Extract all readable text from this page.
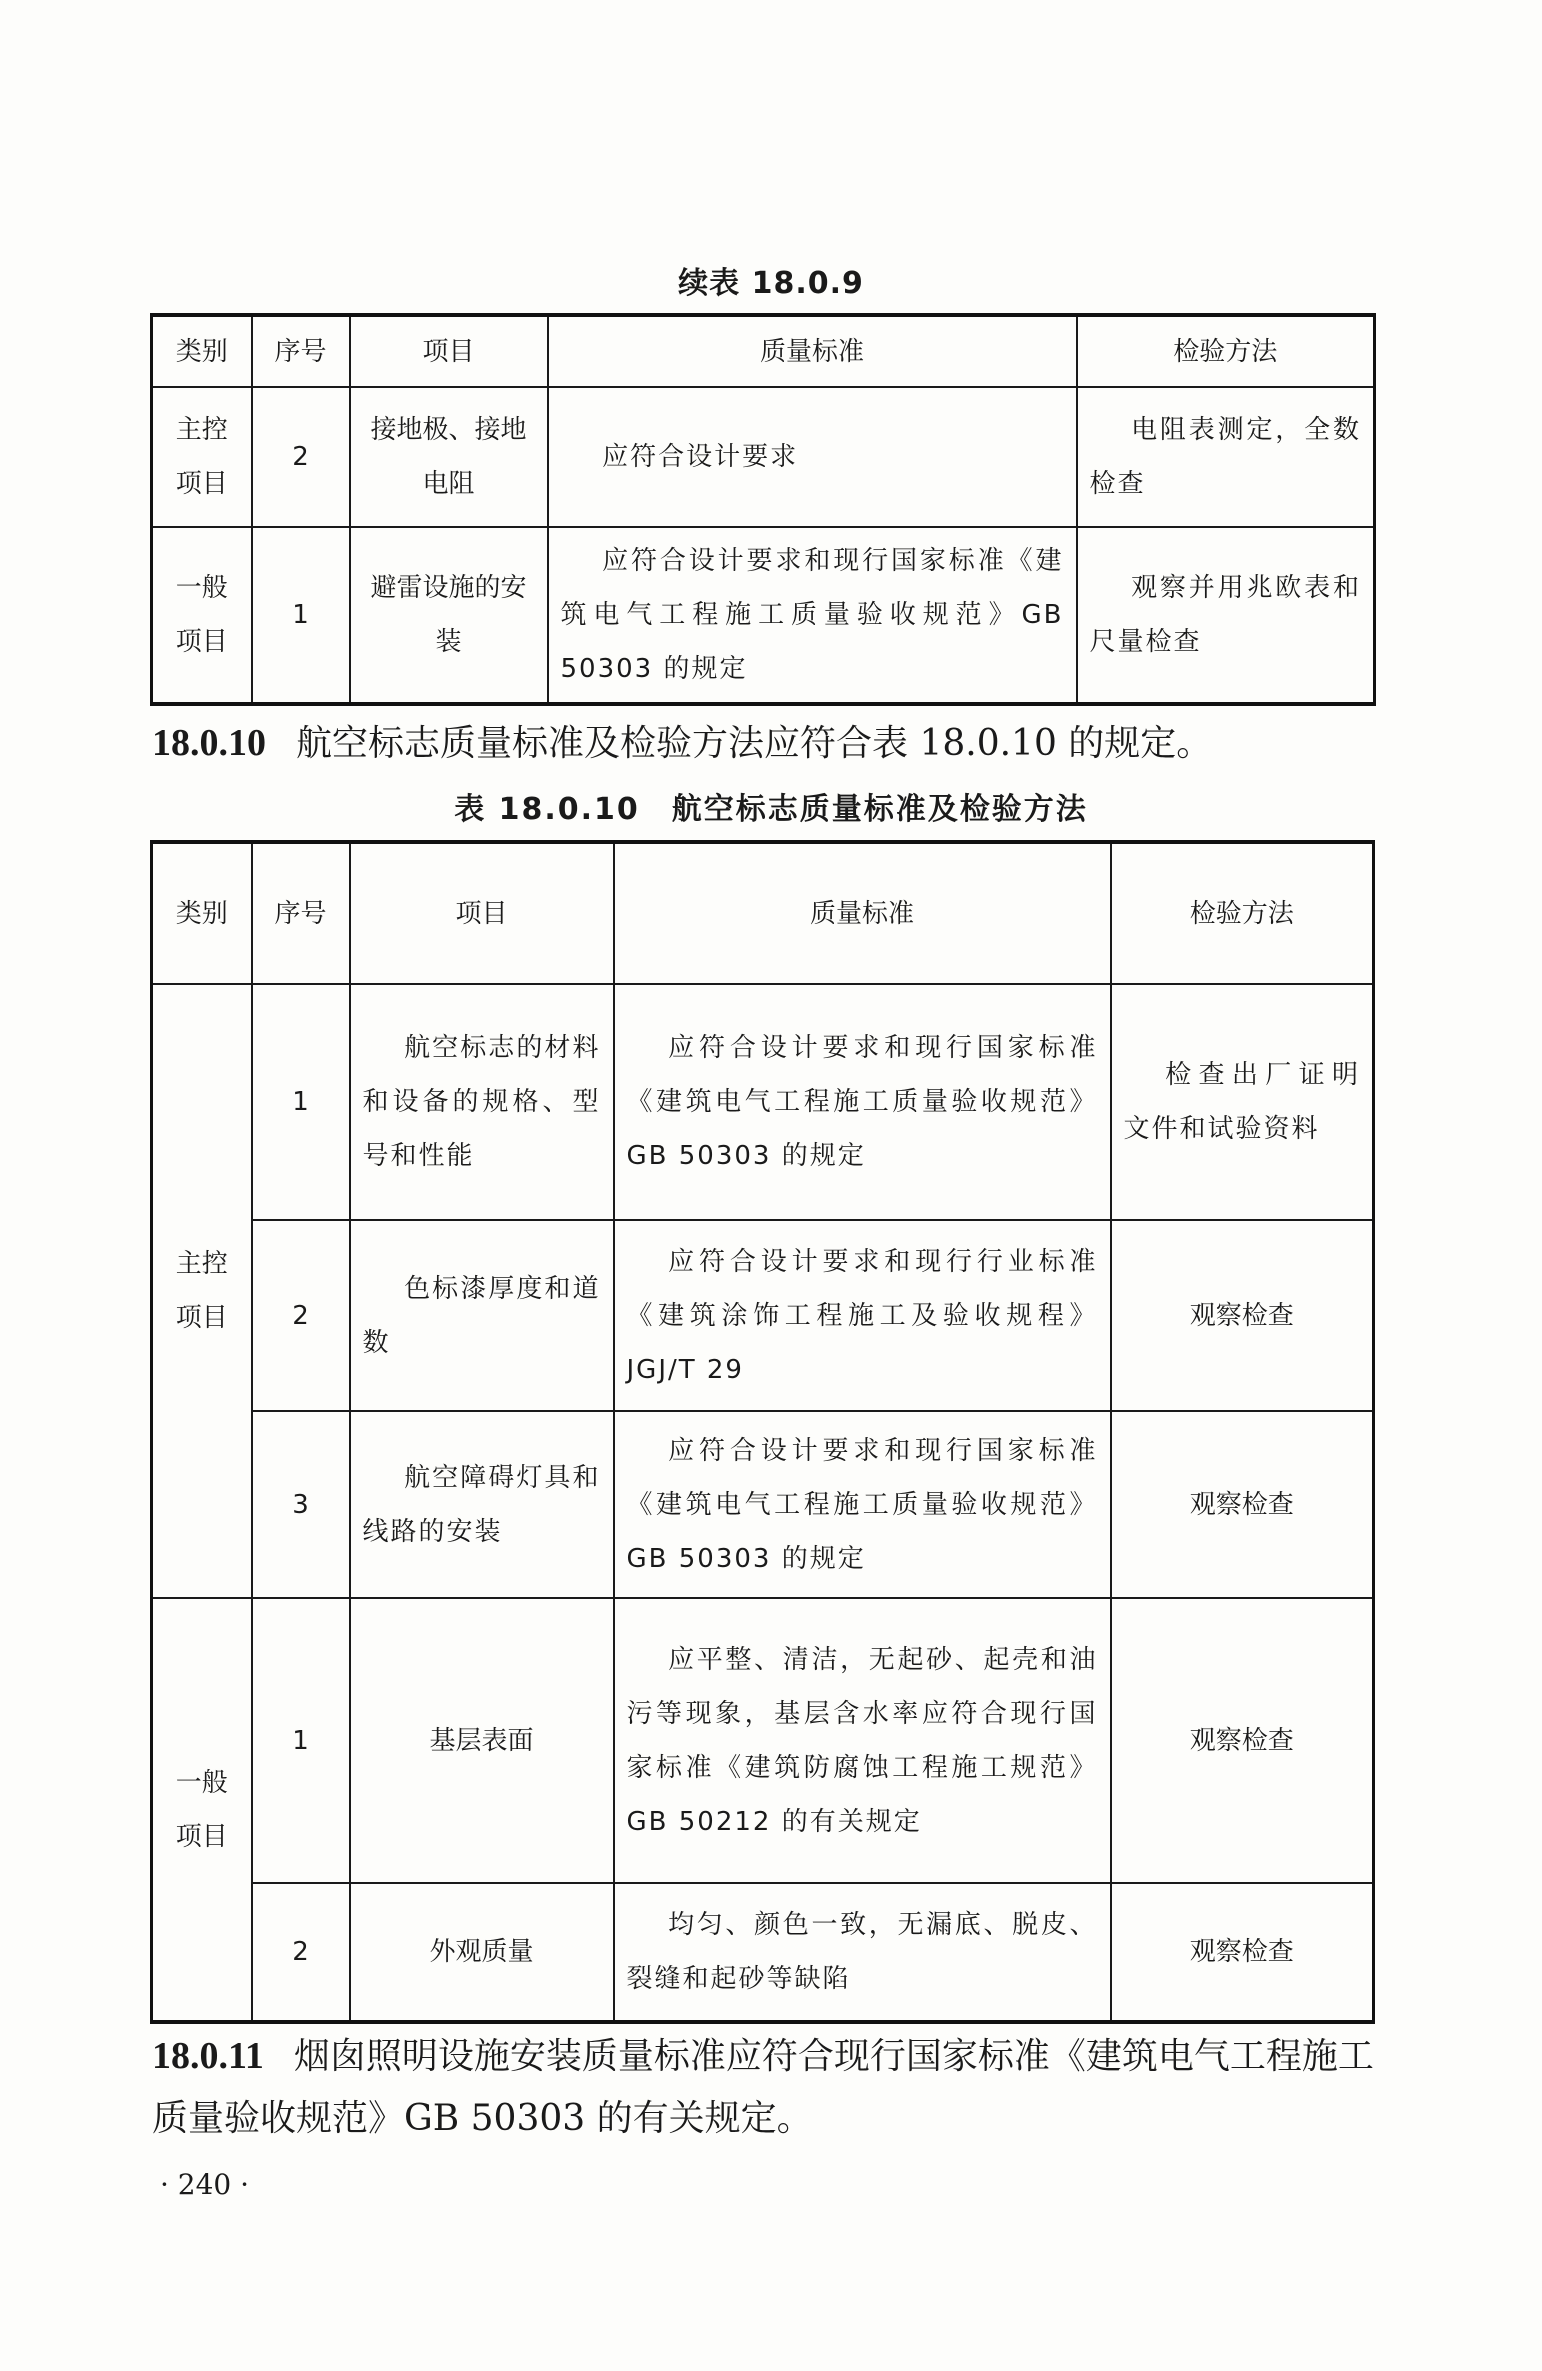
续表 18.0.9
类别	序号	项目	质量标准	检验方法
主控项目	2	接地极、接地电阻	应符合设计要求	电阻表测定，全数检查
一般项目	1	避雷设施的安装	应符合设计要求和现行国家标准《建筑电气工程施工质量验收规范》GB 50303 的规定	观察并用兆欧表和尺量检查
18.0.10 航空标志质量标准及检验方法应符合表 18.0.10 的规定。
表 18.0.10　航空标志质量标准及检验方法
类别	序号	项目	质量标准	检验方法
主控项目	1	航空标志的材料和设备的规格、型号和性能	应符合设计要求和现行国家标准《建筑电气工程施工质量验收规范》GB 50303 的规定	检查出厂证明文件和试验资料
	2	色标漆厚度和道数	应符合设计要求和现行行业标准《建筑涂饰工程施工及验收规程》JGJ/T 29	观察检查
	3	航空障碍灯具和线路的安装	应符合设计要求和现行国家标准《建筑电气工程施工质量验收规范》GB 50303 的规定	观察检查
一般项目	1	基层表面	应平整、清洁，无起砂、起壳和油污等现象，基层含水率应符合现行国家标准《建筑防腐蚀工程施工规范》GB 50212 的有关规定	观察检查
	2	外观质量	均匀、颜色一致，无漏底、脱皮、裂缝和起砂等缺陷	观察检查
18.0.11 烟囱照明设施安装质量标准应符合现行国家标准《建筑电气工程施工质量验收规范》GB 50303 的有关规定。
· 240 ·
